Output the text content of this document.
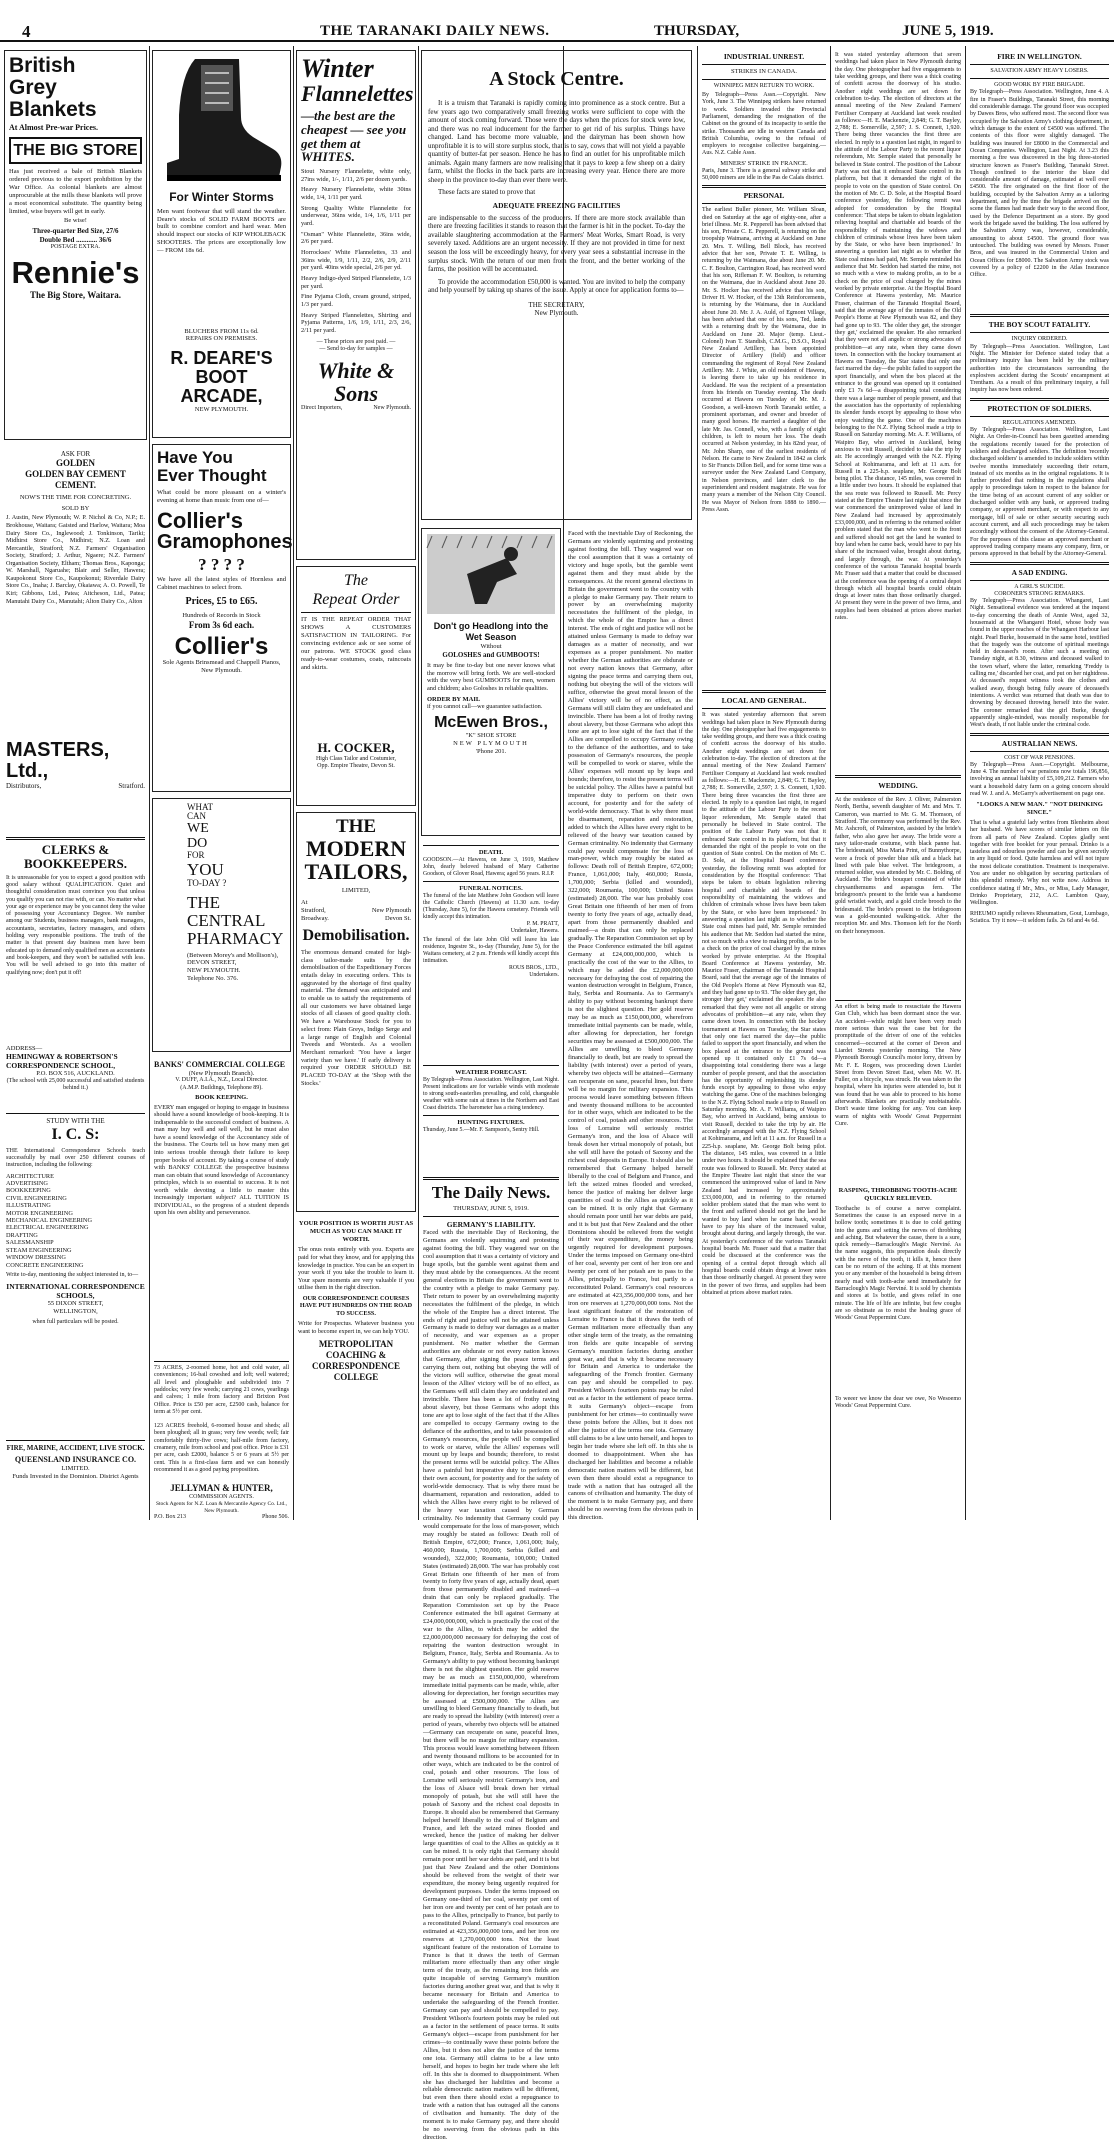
4	THE TARANAKI DAILY NEWS.	THURSDAY,	JUNE 5, 1919.
British
Grey
Blankets
At Almost Pre-war Prices.
THE BIG STORE
Has just received a bale of British Blankets ordered previous to the export prohibition by the War Office. As colonial blankets are almost unprocurable at the mills these blankets will prove a most economical substitute. The quantity being limited, wise buyers will get in early.
Be wise!
Three-quarter Bed Size, 27/6
Double Bed ............ 36/6
POSTAGE EXTRA.
Rennie's
The Big Store, Waitara.
ASK FOR
GOLDEN
GOLDEN BAY CEMENT
CEMENT.
NOW'S THE TIME FOR CONCRETING.
SOLD BY
J. Austin, New Plymouth; W. P. Nichol & Co, N.P.; E. Brokhouse, Waitara; Gaisted and Harlow, Waitara; Moa Dairy Store Co., Inglewood; J. Tonkinson, Tariki; Midhirst Store Co., Midhirst; N.Z. Loan and Mercantile, Stratford; N.Z. Farmers' Organisation Society, Stratford; J. Arthur, Ngaere; N.Z. Farmers' Organisation Society, Eltham; Thomas Bros., Kaponga; W. Marshall, Ngaruahe; Blair and Seller, Hawera; Kaupokonui Store Co., Kaupokonui; Riverdale Dairy Store Co., Inaha; J. Barclay, Okaiawa; A. O. Powell, Te Kiri; Gibbons, Ltd., Patea; Aitcheson, Ltd., Patea; Manutahi Dairy Co., Manutahi; Alton Dairy Co., Alton
MASTERS, Ltd.,
Distributors,	Stratford.
CLERKS & BOOKKEEPERS.
It is unreasonable for you to expect a good position with good salary without QUALIFICATION. Quiet and thoughtful consideration must convince you that unless you qualify you can not rise with, or can. No matter what your age or experience may be you cannot deny the value of possessing your Accountancy Degree. We number among our Students, business managers, bank managers, accountants, secretaries, factory managers, and others holding very responsible positions. The truth of the matter is that present day business men have been educated up to demand only qualified men as accountants and book-keepers, and they won't be satisfied with less. You will be well advised to go into this matter of qualifying now; don't put it off!
ADDRESS—
HEMINGWAY & ROBERTSON'S CORRESPONDENCE SCHOOL,
P.O. BOX 516, AUCKLAND.
(The school with 25,000 successful and satisfied students behind it.)
STUDY WITH THE
I. C. S:
THE International Correspondence Schools teach successfully by mail over 250 different courses of instruction, including the following:
ARCHITECTURE
ADVERTISING
BOOKKEEPING
CIVIL ENGINEERING
ILLUSTRATING
MOTOR ENGINEERING
MECHANICAL ENGINEERING
ELECTRICAL ENGINEERING
DRAFTING
SALESMANSHIP
STEAM ENGINEERING
WINDOW DRESSING
CONCRETE ENGINEERING
Write to-day, mentioning the subject interested in, to—
INTERNATIONAL CORRESPONDENCE SCHOOLS,
55 DIXON STREET,
WELLINGTON,
when full particulars will be posted.
FIRE, MARINE, ACCIDENT, LIVE STOCK.
QUEENSLAND INSURANCE CO.
LIMITED.
Funds Invested in the Dominion. District Agents
For Winter Storms
Men want footwear that will stand the weather. Deare's stocks of SOLID FARM BOOTS are built to combine comfort and hard wear. Men should inspect our stocks of KIP WHOLEBACK SHOOTERS. The prices are exceptionally low — FROM 18s 6d.
BLUCHERS FROM 11s 6d.
REPAIRS ON PREMISES.
R. DEARE'S
BOOT
ARCADE,
NEW PLYMOUTH.
Have You
Ever Thought
What could be more pleasant on a winter's evening at home than music from one of—
Collier's
Gramophones
? ? ? ?
We have all the latest styles of Hornless and Cabinet machines to select from.
Prices, £5 to £65.
Hundreds of Records in Stock
From 3s 6d each.
Collier's
Sole Agents Brinsmead and Chappell Pianos,
New Plymouth.
WHAT
CAN
WE
DO
FOR
YOU
TO-DAY ?
THE
CENTRAL
PHARMACY
(Between Morey's and Mollison's),
DEVON STREET,
NEW PLYMOUTH.
Telephone No. 376.
BANKS' COMMERCIAL COLLEGE
(New Plymouth Branch).
V. DUFF, A.I.A., N.Z., Local Director.
(A.M.P. Buildings, Telephone 89).
BOOK KEEPING.
EVERY man engaged or hoping to engage in business should have a sound knowledge of book-keeping. It is indispensable to the successful conduct of business. A man may buy well and sell well, but he must also have a sound knowledge of the Accountancy side of the business. The Courts tell us how many men get into serious trouble through their failure to keep proper books of account. By taking a course of study with BANKS' COLLEGE the prospective business man can obtain that sound knowledge of Accountancy principles, which is so essential to success. It is not worth while devoting a little to master this increasingly important subject? ALL TUITION IS INDIVIDUAL, so the progress of a student depends upon his own ability and perseverance.
73 ACRES, 2-roomed home, hot and cold water, all conveniences; 16-bail cowshed and loft; well watered; all level and ploughable and subdivided into 7 paddocks; very few weeds; carrying 21 cows, yearlings and calves; 1 mile from factory and Brixton Post Office. Price is £50 per acre, £2500 cash, balance for term at 5½ per cent.
123 ACRES freehold, 6-roomed house and sheds; all been ploughed; all in grass; very few weeds; well; fair comfortably thirty-five cows; half-mile from factory, creamery, mile from school and post office. Price is £31 per acre, cash £2000, balance 5 or 6 years at 5½ per cent. This is a first-class farm and we can honestly recommend it as a good paying proposition.
JELLYMAN & HUNTER,
COMMISSION AGENTS.
Stock Agents for N.Z. Loan & Mercantile Agency Co. Ltd., New Plymouth.
P.O. Box 213	Phone 506.
Winter
Flannelettes
—the best are the
cheapest — see you
get them at WHITES.
Stout Nursery Flannelette, white only, 27ins wide, 1/-, 1/11, 2/6 per dozen yards.
Heavy Nursery Flannelette, white 30ins wide, 1/4, 1/11 per yard.
Strong Quality White Flannelette for underwear, 36ins wide, 1/4, 1/6, 1/11 per yard.
"Osman" White Flannelette, 36ins wide, 2/6 per yard.
Horrockses' White Flannelettes, 33 and 36ins wide, 1/9, 1/11, 2/2, 2/6, 2/9, 2/11 per yard. 40ins wide special, 2/6 per yd.
Heavy Indigo-dyed Striped Flannelette, 1/3 per yard.
Fine Pyjama Cloth, cream ground, striped, 1/3 per yard.
Heavy Striped Flannelettes, Shirting and Pyjama Patterns, 1/6, 1/9, 1/11, 2/3, 2/6, 2/11 per yard.
— These prices are post paid. —
— Send to-day for samples —
White & Sons
Direct Importers,	New Plymouth.
The
Repeat Order
IT IS THE REPEAT ORDER THAT SHOWS A CUSTOMERS SATISFACTION IN TAILORING. For convincing evidence ask or see some of our patrons. WE STOCK good class ready-to-wear costumes, coats, raincoats and skirts.
H. COCKER,
High Class Tailor and Costumier,
Opp. Empire Theatre, Devon St.
THE
MODERN
TAILORS,
LIMITED,
At
Stratford,	New Plymouth
Broadway.	Devon St.
Demobilisation.
The enormous demand created for high-class tailor-made suits by the demobilisation of the Expeditionary Forces entails delay in executing orders. This is aggravated by the shortage of first quality material. The demand was anticipated and to enable us to satisfy the requirements of all our customers we have obtained large stocks of all classes of good quality cloth. We have a Warehouse Stock for you to select from: Plain Greys, Indigo Serge and a large range of English and Colonial Tweeds and Worsteds. As a woollen Merchant remarked: 'You have a larger variety than we have.' If early delivery is required your ORDER SHOULD BE PLACED TO-DAY at the 'Shop with the Stocks.'
YOUR POSITION IS WORTH JUST AS MUCH AS YOU CAN MAKE IT WORTH.
The onus rests entirely with you. Experts are paid for what they know, and for applying this knowledge in practice. You can be an expert in your work if you take the trouble to learn it. Your spare moments are very valuable if you utilise them in the right direction.
OUR CORRESPONDENCE COURSES HAVE PUT HUNDREDS ON THE ROAD TO SUCCESS.
Write for Prospectus. Whatever business you want to become expert in, we can help YOU.
METROPOLITAN COACHING &
CORRESPONDENCE COLLEGE
A Stock Centre.
It is a truism that Taranaki is rapidly coming into prominence as a stock centre. But a few years ago two comparatively small freezing works were sufficient to cope with the amount of stock coming forward. Those were the days when the prices for stock were low, and there was no real inducement for the farmer to get rid of his surplus. Things have changed. Land has become more valuable, and the dairyman has been shown how unprofitable it is to will store surplus stock, that is to say, cows that will not yield a payable quantity of butter-fat per season. Hence he has to find an outlet for his unprofitable milch animals. Again many farmers are now realising that it pays to keep a few sheep on a dairy farm, whilst the flocks in the back parts are increasing every year. Hence there are more sheep in the province to-day than ever there were.
These facts are stated to prove that
ADEQUATE FREEZING FACILITIES
are indispensable to the success of the producers. If there are more stock available than there are freezing facilities it stands to reason that the farmer is hit in the pocket. To-day the available slaughtering accommodation at the Farmers' Meat Works, Smart Road, is very severely taxed. Additions are an urgent necessity. If they are not provided in time for next season the loss will be exceedingly heavy, for every year sees a substantial increase in the surplus stock. With the return of our men from the front, and the better working of the farms, the position will be accentuated.
To provide the accommodation £50,000 is wanted. You are invited to help the company and help yourself by taking up shares of the issue. Apply at once for application forms to—
THE SECRETARY,
New Plymouth.
Don't go Headlong into the Wet Season
Without
GOLOSHES and GUMBOOTS!
It may be fine to-day but one never knows what the morrow will bring forth. We are well-stocked with the very best GUMBOOTS for men, women and children; also Goloshes in reliable qualities.
ORDER BY MAIL
if you cannot call—we guarantee satisfaction.
McEwen Bros.,
"K" SHOE STORE
NEW PLYMOUTH
'Phone 201.
DEATH.
GOODSON.—At Hawera, on June 3, 1919, Matthew John, dearly beloved husband of Mary Catherine Goodson, of Glover Road, Hawera; aged 56 years. R.I.P.
FUNERAL NOTICES.
The funeral of the late Matthew John Goodson will leave the Catholic Church (Hawera) at 11.30 a.m. to-day (Thursday, June 5), for the Hawera cemetery. Friends will kindly accept this intimation.
P. M. PRATT,
Undertaker, Hawera.
The funeral of the late John Old will leave his late residence, Ingestre St., to-day (Thursday, June 5), for the Waitara cemetery, at 2 p.m. Friends will kindly accept this intimation.
ROUS BROS., LTD.,
Undertakers.
WEATHER FORECAST.
By Telegraph—Press Association. Wellington, Last Night. Present indications are for variable winds with moderate to strong south-easterlies prevailing, and cold, changeable weather with some rain at times in the Northern and East Coast districts. The barometer has a rising tendency.
HUNTING FIXTURES.
Thursday, June 5.—Mr. F. Sampson's, Sentry Hill.
The Daily News.
THURSDAY, JUNE 5, 1919.
GERMANY'S LIABILITY.
Faced with the inevitable Day of Reckoning, the Germans are violently squirming and protesting against footing the bill. They wagered war on the cool assumption that it was a certainty of victory and huge spoils, but the gamble went against them and they must abide by the consequences. At the recent general elections in Britain the government went to the country with a pledge to make Germany pay. Their return to power by an overwhelming majority necessitates the fulfilment of the pledge, in which the whole of the Empire has a direct interest. The ends of right and justice will not be attained unless Germany is made to defray war damages as a matter of necessity, and war expenses as a proper punishment. No matter whether the German authorities are obdurate or not every nation knows that Germany, after signing the peace terms and carrying them out, nothing but obeying the will of the victors will suffice, otherwise the great moral lesson of the Allies' victory will be of no effect, as the Germans will still claim they are undefeated and invincible. There has been a lot of frothy raving about slavery, but those Germans who adopt this tone are apt to lose sight of the fact that if the Allies are compelled to occupy Germany owing to the defiance of the authorities, and to take possession of Germany's resources, the people will be compelled to work or starve, while the Allies' expenses will mount up by leaps and bounds; therefore, to resist the present terms will be suicidal policy. The Allies have a painful but imperative duty to perform on their own account, for posterity and for the safety of world-wide democracy. That is why there must be disarmament, reparation and restoration, added to which the Allies have every right to be relieved of the heavy war taxation caused by German criminality. No indemnity that Germany could pay would compensate for the loss of man-power, which may roughly be stated as follows: Death roll of British Empire, 672,000; France, 1,061,000; Italy, 460,000; Russia, 1,700,000; Serbia (killed and wounded), 322,000; Roumania, 100,000; United States (estimated) 28,000. The war has probably cost Great Britain one fifteenth of her men of from twenty to forty five years of age, actually dead, apart from those permanently disabled and maimed—a drain that can only be replaced gradually. The Reparation Commission set up by the Peace Conference estimated the bill against Germany at £24,000,000,000, which is practically the cost of the war to the Allies, to which may be added the £2,000,000,000 necessary for defraying the cost of repairing the wanton destruction wrought in Belgium, France, Italy, Serbia and Roumania. As to Germany's ability to pay without becoming bankrupt there is not the slightest question. Her gold reserve may be as much as £150,000,000, wherefrom immediate initial payments can be made, while, after allowing for depreciation, her foreign securities may be assessed at £500,000,000. The Allies are unwilling to bleed Germany financially to death, but are ready to spread the liability (with interest) over a period of years, whereby two objects will be attained—Germany can recuperate on sane, peaceful lines, but there will be no margin for military expansion. This process would leave something between fifteen and twenty thousand millions to be accounted for in other ways, which are indicated to be the control of coal, potash and other resources. The loss of Lorraine will seriously restrict Germany's iron, and the loss of Alsace will break down her virtual monopoly of potash, but she will still have the potash of Saxony and the richest coal deposits in Europe. It should also be remembered that Germany helped herself liberally to the coal of Belgium and France, and left the seized mines flooded and wrecked, hence the justice of making her deliver large quantities of coal to the Allies as quickly as it can be mined. It is only right that Germany should remain poor until her war debts are paid, and it is but just that New Zealand and the other Dominions should be relieved from the weight of their war expenditure, the money being urgently required for development purposes. Under the terms imposed on Germany one-third of her coal, seventy per cent of her iron ore and twenty per cent of her potash are to pass to the Allies, principally to France, but partly to a reconstituted Poland. Germany's coal resources are estimated at 423,356,000,000 tons, and her iron ore reserves at 1,270,000,000 tons. Not the least significant feature of the restoration of Lorraine to France is that it draws the teeth of German militarism more effectually than any other single term of the treaty, as the remaining iron fields are quite incapable of serving Germany's munition factories during another great war, and that is why it became necessary for Britain and America to undertake the safeguarding of the French frontier. Germany can pay and should be compelled to pay. President Wilson's fourteen points may be ruled out as a factor in the settlement of peace terms. It suits Germany's object—escape from punishment for her crimes—to continually wave these points before the Allies, but it does not alter the justice of the terms one iota. Germany still claims to be a law unto herself, and hopes to begin her trade where she left off. In this she is doomed to disappointment. When she has discharged her liabilities and become a reliable democratic nation matters will be different, but even then there should exist a repugnance to trade with a nation that has outraged all the canons of civilisation and humanity. The duty of the moment is to make Germany pay, and there should be no swerving from the obvious path in this direction.
Faced with the inevitable Day of Reckoning, the Germans are violently squirming and protesting against footing the bill. They wagered war on the cool assumption that it was a certainty of victory and huge spoils, but the gamble went against them and they must abide by the consequences. At the recent general elections in Britain the government went to the country with a pledge to make Germany pay. Their return to power by an overwhelming majority necessitates the fulfilment of the pledge, in which the whole of the Empire has a direct interest. The ends of right and justice will not be attained unless Germany is made to defray war damages as a matter of necessity, and war expenses as a proper punishment. No matter whether the German authorities are obdurate or not every nation knows that Germany, after signing the peace terms and carrying them out, nothing but obeying the will of the victors will suffice, otherwise the great moral lesson of the Allies' victory will be of no effect, as the Germans will still claim they are undefeated and invincible. There has been a lot of frothy raving about slavery, but those Germans who adopt this tone are apt to lose sight of the fact that if the Allies are compelled to occupy Germany owing to the defiance of the authorities, and to take possession of Germany's resources, the people will be compelled to work or starve, while the Allies' expenses will mount up by leaps and bounds; therefore, to resist the present terms will be suicidal policy. The Allies have a painful but imperative duty to perform on their own account, for posterity and for the safety of world-wide democracy. That is why there must be disarmament, reparation and restoration, added to which the Allies have every right to be relieved of the heavy war taxation caused by German criminality. No indemnity that Germany could pay would compensate for the loss of man-power, which may roughly be stated as follows: Death roll of British Empire, 672,000; France, 1,061,000; Italy, 460,000; Russia, 1,700,000; Serbia (killed and wounded), 322,000; Roumania, 100,000; United States (estimated) 28,000. The war has probably cost Great Britain one fifteenth of her men of from twenty to forty five years of age, actually dead, apart from those permanently disabled and maimed—a drain that can only be replaced gradually. The Reparation Commission set up by the Peace Conference estimated the bill against Germany at £24,000,000,000, which is practically the cost of the war to the Allies, to which may be added the £2,000,000,000 necessary for defraying the cost of repairing the wanton destruction wrought in Belgium, France, Italy, Serbia and Roumania. As to Germany's ability to pay without becoming bankrupt there is not the slightest question. Her gold reserve may be as much as £150,000,000, wherefrom immediate initial payments can be made, while, after allowing for depreciation, her foreign securities may be assessed at £500,000,000. The Allies are unwilling to bleed Germany financially to death, but are ready to spread the liability (with interest) over a period of years, whereby two objects will be attained—Germany can recuperate on sane, peaceful lines, but there will be no margin for military expansion. This process would leave something between fifteen and twenty thousand millions to be accounted for in other ways, which are indicated to be the control of coal, potash and other resources. The loss of Lorraine will seriously restrict Germany's iron, and the loss of Alsace will break down her virtual monopoly of potash, but she will still have the potash of Saxony and the richest coal deposits in Europe. It should also be remembered that Germany helped herself liberally to the coal of Belgium and France, and left the seized mines flooded and wrecked, hence the justice of making her deliver large quantities of coal to the Allies as quickly as it can be mined. It is only right that Germany should remain poor until her war debts are paid, and it is but just that New Zealand and the other Dominions should be relieved from the weight of their war expenditure, the money being urgently required for development purposes. Under the terms imposed on Germany one-third of her coal, seventy per cent of her iron ore and twenty per cent of her potash are to pass to the Allies, principally to France, but partly to a reconstituted Poland. Germany's coal resources are estimated at 423,356,000,000 tons, and her iron ore reserves at 1,270,000,000 tons. Not the least significant feature of the restoration of Lorraine to France is that it draws the teeth of German militarism more effectually than any other single term of the treaty, as the remaining iron fields are quite incapable of serving Germany's munition factories during another great war, and that is why it became necessary for Britain and America to undertake the safeguarding of the French frontier. Germany can pay and should be compelled to pay. President Wilson's fourteen points may be ruled out as a factor in the settlement of peace terms. It suits Germany's object—escape from punishment for her crimes—to continually wave these points before the Allies, but it does not alter the justice of the terms one iota. Germany still claims to be a law unto herself, and hopes to begin her trade where she left off. In this she is doomed to disappointment. When she has discharged her liabilities and become a reliable democratic nation matters will be different, but even then there should exist a repugnance to trade with a nation that has outraged all the canons of civilisation and humanity. The duty of the moment is to make Germany pay, and there should be no swerving from the obvious path in this direction.
INDUSTRIAL UNREST.
STRIKES IN CANADA.
WINNIPEG MEN RETURN TO WORK.
By Telegraph—Press Assn.—Copyright. New York, June 3. The Winnipeg strikers have returned to work. Soldiers invaded the Provincial Parliament, demanding the resignation of the Cabinet on the ground of its incapacity to settle the strike. Thousands are idle in western Canada and British Columbia, owing to the refusal of employers to recognise collective bargaining.—Aus. N.Z. Cable Assn.
MINERS' STRIKE IN FRANCE.
Paris, June 3. There is a general subway strike and 50,000 miners are idle in the Pas de Calais district.
PERSONAL
The earliest Buller pioneer, Mr. William Sloan, died on Saturday at the age of eighty-one, after a brief illness. Mr. R. Pepperell has been advised that his son, Private C. E. Pepperell, is returning on the troopship Waimana, arriving at Auckland on June 20. Mrs. T. Willing, Bell Block, has received advice that her son, Private T. E. Willing, is returning by the Waimana, due about June 20. Mr. C. F. Boulton, Carrington Road, has received word that his son, Rifleman F. W. Boulton, is returning on the Waimana, due in Auckland about June 20. Mr. S. Hocker has received advice that his son, Driver H. W. Hocker, of the 13th Reinforcements, is returning by the Waimana, due in Auckland about June 20. Mr. J. A. Auld, of Egmont Village, has been advised that one of his sons, Ted, lands with a returning draft by the Waimana, due in Auckland on June 20. Major (temp. Lieut.-Colonel) Ivan T. Standish, C.M.G., D.S.O., Royal New Zealand Artillery, has been appointed Director of Artillery (field) and officer commanding the regiment of Royal New Zealand Artillery. Mr. J. White, an old resident of Hawera, is leaving there to take up his residence in Auckland. He was the recipient of a presentation from his friends on Tuesday evening. The death occurred at Hawera on Tuesday of Mr. M. J. Goodson, a well-known North Taranaki settler, a prominent sportsman, and owner and breeder of many good horses. He married a daughter of the late Mr. Jas. Connell, who, with a family of eight children, is left to mourn her loss. The death occurred at Nelson yesterday, in his 82nd year, of Mr. John Sharp, one of the earliest residents of Nelson. He came to New Zealand in 1842 as clerk to Sir Francis Dillon Bell, and for some time was a surveyor under the New Zealand Land Company, in Nelson provinces, and later clerk to the superintendent and resident magistrate. He was for many years a member of the Nelson City Council. He was Mayor of Nelson from 1888 to 1890.—Press Assn.
LOCAL AND GENERAL.
It was stated yesterday afternoon that seven weddings had taken place in New Plymouth during the day. One photographer had five engagements to take wedding groups, and there was a thick coating of confetti across the doorway of his studio. Another eight weddings are set down for celebration to-day. The election of directors at the annual meeting of the New Zealand Farmers' Fertiliser Company at Auckland last week resulted as follows:—H. E. Mackenzie, 2,848; G. T. Bayley, 2,788; E. Somerville, 2,597; J. S. Connett, 1,920. There being three vacancies the first three are elected. In reply to a question last night, in regard to the attitude of the Labour Party to the recent liquor referendum, Mr. Semple stated that personally he believed in State control. The position of the Labour Party was not that it embraced State control in its platform, but that it demanded the right of the people to vote on the question of State control. On the motion of Mr. C. D. Sole, at the Hospital Board conference yesterday, the following remit was adopted for consideration by the Hospital conference: 'That steps be taken to obtain legislation relieving hospital and charitable aid boards of the responsibility of maintaining the widows and children of criminals whose lives have been taken by the State, or who have been imprisoned.' In answering a question last night as to whether the State coal mines had paid, Mr. Semple reminded his audience that Mr. Seddon had started the mine, not so much with a view to making profits, as to be a check on the price of coal charged by the mines worked by private enterprise. At the Hospital Board Conference at Hawera yesterday, Mr. Maurice Fraser, chairman of the Taranaki Hospital Board, said that the average age of the inmates of the Old People's Home at New Plymouth was 82, and they had gone up to 93. 'The older they get, the stronger they get,' exclaimed the speaker. He also remarked that they were not all angelic or strong advocates of prohibition—at any rate, when they came down town. In connection with the hockey tournament at Hawera on Tuesday, the Star states that only one fact marred the day—the public failed to support the sport financially, and when the box placed at the entrance to the ground was opened up it contained only £1 7s 6d—a disappointing total considering there was a large number of people present, and that the association has the opportunity of replenishing its slender funds except by appealing to those who enjoy watching the game. One of the machines belonging to the N.Z. Flying School made a trip to Russell on Saturday morning. Mr. A. F. Williams, of Waipiro Bay, who arrived in Auckland, being anxious to visit Russell, decided to take the trip by air. He accordingly arranged with the N.Z. Flying School at Kohimarama, and left at 11 a.m. for Russell in a 225-h.p. seaplane, Mr. George Bolt being pilot. The distance, 145 miles, was covered in a little under two hours. It should be explained that the sea route was followed to Russell. Mr. Percy stated at the Empire Theatre last night that since the war commenced the unimproved value of land in New Zealand had increased by approximately £33,000,000, and in referring to the returned soldier problem stated that the man who went to the front and suffered should not get the land he wanted to buy land when he came back, would have to pay his share of the increased value, brought about during, and largely through, the war. At yesterday's conference of the various Taranaki hospital boards Mr. Fraser said that a matter that could be discussed at the conference was the opening of a central depot through which all hospital boards could obtain drugs at lower rates than those ordinarily charged. At present they were in the power of two firms, and supplies had been obtained at prices above market rates.
It was stated yesterday afternoon that seven weddings had taken place in New Plymouth during the day. One photographer had five engagements to take wedding groups, and there was a thick coating of confetti across the doorway of his studio. Another eight weddings are set down for celebration to-day. The election of directors at the annual meeting of the New Zealand Farmers' Fertiliser Company at Auckland last week resulted as follows:—H. E. Mackenzie, 2,848; G. T. Bayley, 2,788; E. Somerville, 2,597; J. S. Connett, 1,920. There being three vacancies the first three are elected. In reply to a question last night, in regard to the attitude of the Labour Party to the recent liquor referendum, Mr. Semple stated that personally he believed in State control. The position of the Labour Party was not that it embraced State control in its platform, but that it demanded the right of the people to vote on the question of State control. On the motion of Mr. C. D. Sole, at the Hospital Board conference yesterday, the following remit was adopted for consideration by the Hospital conference: 'That steps be taken to obtain legislation relieving hospital and charitable aid boards of the responsibility of maintaining the widows and children of criminals whose lives have been taken by the State, or who have been imprisoned.' In answering a question last night as to whether the State coal mines had paid, Mr. Semple reminded his audience that Mr. Seddon had started the mine, not so much with a view to making profits, as to be a check on the price of coal charged by the mines worked by private enterprise. At the Hospital Board Conference at Hawera yesterday, Mr. Maurice Fraser, chairman of the Taranaki Hospital Board, said that the average age of the inmates of the Old People's Home at New Plymouth was 82, and they had gone up to 93. 'The older they get, the stronger they get,' exclaimed the speaker. He also remarked that they were not all angelic or strong advocates of prohibition—at any rate, when they came down town. In connection with the hockey tournament at Hawera on Tuesday, the Star states that only one fact marred the day—the public failed to support the sport financially, and when the box placed at the entrance to the ground was opened up it contained only £1 7s 6d—a disappointing total considering there was a large number of people present, and that the association has the opportunity of replenishing its slender funds except by appealing to those who enjoy watching the game. One of the machines belonging to the N.Z. Flying School made a trip to Russell on Saturday morning. Mr. A. F. Williams, of Waipiro Bay, who arrived in Auckland, being anxious to visit Russell, decided to take the trip by air. He accordingly arranged with the N.Z. Flying School at Kohimarama, and left at 11 a.m. for Russell in a 225-h.p. seaplane, Mr. George Bolt being pilot. The distance, 145 miles, was covered in a little under two hours. It should be explained that the sea route was followed to Russell. Mr. Percy stated at the Empire Theatre last night that since the war commenced the unimproved value of land in New Zealand had increased by approximately £33,000,000, and in referring to the returned soldier problem stated that the man who went to the front and suffered should not get the land he wanted to buy land when he came back, would have to pay his share of the increased value, brought about during, and largely through, the war. At yesterday's conference of the various Taranaki hospital boards Mr. Fraser said that a matter that could be discussed at the conference was the opening of a central depot through which all hospital boards could obtain drugs at lower rates than those ordinarily charged. At present they were in the power of two firms, and supplies had been obtained at prices above market rates.
WEDDING.
At the residence of the Rev. J. Oliver, Palmerston North, Bertha, seventh daughter of Mr. and Mrs. T. Cameron, was married to Mr. G. M. Thomson, of Stratford. The ceremony was performed by the Rev. Mr. Ashcroft, of Palmerston, assisted by the bride's father, who also gave her away. The bride wore a navy tailor-made costume, with black panne hat. The bridesmaid, Miss Maria Print, of Bunnythorpe, wore a frock of powder blue silk and a black hat lined with pale blue velvet. The bridegroom, a returned soldier, was attended by Mr. C. Bolding, of Auckland. The bride's bouquet consisted of white chrysanthemums and asparagus fern. The bridegroom's present to the bride was a handsome gold wristlet watch, and a gold circle brooch to the bridesmaid. The bride's present to the bridegroom was a gold-mounted walking-stick. After the reception Mr. and Mrs. Thomson left for the North on their honeymoon.
An effort is being made to resuscitate the Hawera Gun Club, which has been dormant since the war. An accident—while might have been very much more serious than was the case but for the promptitude of the driver of one of the vehicles concerned—occurred at the corner of Devon and Liardet Streets yesterday morning. The New Plymouth Borough Council's motor lorry, driven by Mr. F. E. Rogers, was proceeding down Liardet Street from Devon Street East, when Mr. W. H. Fuller, on a bicycle, was struck. He was taken to the hospital, where his injuries were attended to, but it was found that he was able to proceed to his home afterwards. Blankets are practically unobtainable. Don't waste time looking for any. You can keep warm of nights with Woods' Great Peppermint Cure.
RASPING, THROBBING TOOTH-ACHE QUICKLY RELIEVED.
Toothache is of course a nerve complaint. Sometimes the cause is an exposed nerve in a hollow tooth; sometimes it is due to cold getting into the gums and setting the nerves of throbbing and aching. But whatever the cause, there is a sure, quick remedy—Barraclough's Magic Nerviné. As the name suggests, this preparation deals directly with the nerve of the tooth, it kills it, hence there can be no return of the aching. If at this moment you or any member of the household is being driven nearly mad with tooth-ache send immediately for Barraclough's Magic Nerviné. It is sold by chemists and stores at 1s bottle, and gives relief in one minute. The life of life are infinite, but few coughs are so obstinate as to resist the healing grace of Woods' Great Peppermint Cure.
To weeer we know the dear we owe, No Wesoemo Woods' Great Peppermint Cure.
FIRE IN WELLINGTON.
SALVATION ARMY HEAVY LOSERS.
GOOD WORK BY FIRE BRIGADE.
By Telegraph—Press Association. Wellington, June 4. A fire in Fraser's Buildings, Taranaki Street, this morning did considerable damage. The ground floor was occupied by Dawes Bros, who suffered most. The second floor was occupied by the Salvation Army's clothing department, in which damage to the extent of £4500 was suffered. The contents of this floor were slightly damaged. The building was insured for £8000 in the Commercial and Ocean Companies. Wellington, Last Night. At 3.23 this morning a fire was discovered in the big three-storied structure known as Fraser's Building, Taranaki Street. Though confined to the interior the blaze did considerable amount of damage, estimated at well over £4500. The fire originated on the first floor of the building, occupied by the Salvation Army as a tailoring department, and by the time the brigade arrived on the scene the flames had made their way to the second floor, used by the Defence Department as a store. By good work the brigade saved the building. The loss suffered by the Salvation Army was, however, considerable, amounting to about £4500. The ground floor was untouched. The building was owned by Messrs. Fraser Bros, and was insured in the Commercial Union and Ocean Offices for £8000. The Salvation Army stock was covered by a policy of £2200 in the Atlas Insurance Office.
THE BOY SCOUT FATALITY.
INQUIRY ORDERED.
By Telegraph—Press Association. Wellington, Last Night. The Minister for Defence stated today that a preliminary inquiry has been held by the military authorities into the circumstances surrounding the explosives accident during the Scouts' encampment at Trentham. As a result of this preliminary inquiry, a full inquiry has now been ordered.
PROTECTION OF SOLDIERS.
REGULATIONS AMENDED.
By Telegraph—Press Association. Wellington, Last Night. An Order-in-Council has been gazetted amending the regulations recently issued for the protection of soldiers and discharged soldiers. The definition 'recently discharged soldiers' is amended to include soldiers within twelve months immediately succeeding their return, instead of six months as in the original regulations. It is further provided that nothing in the regulations shall apply to proceedings taken in respect to the balance for the time being of an account current of any soldier or discharged soldier with any bank, or approved trading company, or approved merchant, or with respect to any mortgage, bill of sale or other security securing such account current, and all such proceedings may be taken accordingly without the consent of the Attorney-General. For the purposes of this clause an approved merchant or approved trading company means any company, firm, or persons approved in that behalf by the Attorney-General.
A SAD ENDING.
A GIRL'S SUICIDE.
CORONER'S STRONG REMARKS.
By Telegraph—Press Association. Whangarei, Last Night. Sensational evidence was tendered at the inquest to-day concerning the death of Annie West, aged 32, housemaid at the Whangarei Hotel, whose body was found in the upper reaches of the Whangarei Harbour last night. Pearl Burke, housemaid in the same hotel, testified that the tragedy was the outcome of spiritual meetings held in deceased's room. After such a meeting on Tuesday night, at 8.30, witness and deceased walked to the town wharf, where the latter, remarking 'Freddy is calling me,' discarded her coat, and put on her nightdress. At deceased's request witness took the clothes and walked away, though being fully aware of deceased's intentions. A verdict was returned that death was due to drowning by deceased throwing herself into the water. The coroner remarked that the girl Burke, though apparently single-minded, was morally responsible for West's death, if not liable under the criminal code.
AUSTRALIAN NEWS.
COST OF WAR PENSIONS.
By Telegraph—Press Assn.—Copyright. Melbourne, June 4. The number of war pensions now totals 196,856, involving an annual liability of £5,109,212. Farmers who want a household dairy farm on a going concern should read W. J. and A. McGarry's advertisement on page one.
"LOOKS A NEW MAN." "NOT DRINKING SINCE."
That is what a grateful lady writes from Blenheim about her husband. We have scores of similar letters on file from all parts of New Zealand. Copies gladly sent together with free booklet for your perusal. Drinko is a tasteless and odourless powder and can be given secretly in any liquid or food. Quite harmless and will not injure the most delicate constitution. Treatment is inexpensive. You are under no obligation by securing particulars of this splendid remedy. Why not write now. Address in confidence stating if Mr., Mrs., or Miss, Lady Manager, Drinko Proprietary, 212, A.C. Lambton Quay, Wellington.
RHEUMO rapidly relieves Rheumatism, Gout, Lumbago, Sciatica. Try it now—it seldom fails. 2s 6d and 4s 6d.
